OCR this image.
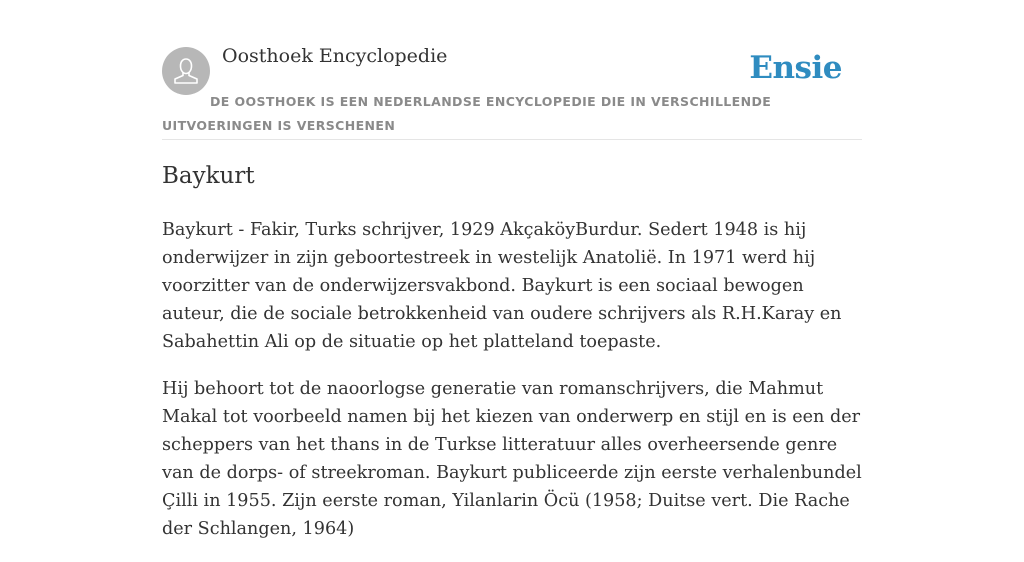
Oosthoek Encyclopedie	Ensie
DE OOSTHOEK IS EEN NEDERLANDSE ENCYCLOPEDIE DIE IN VERSCHILLENDE UITVOERINGEN IS VERSCHENEN
Baykurt

Baykurt - Fakir, Turks schrijver, 1929 AkçaköyBurdur. Sedert 1948 is hij onderwijzer in zijn geboortestreek in westelijk Anatolië. In 1971 werd hij voorzitter van de onderwijzersvakbond. Baykurt is een sociaal bewogen auteur, die de sociale betrokkenheid van oudere schrijvers als R.H.Karay en Sabahettin Ali op de situatie op het platteland toepaste.

Hij behoort tot de naoorlogse generatie van romanschrijvers, die Mahmut Makal tot voorbeeld namen bij het kiezen van onderwerp en stijl en is een der scheppers van het thans in de Turkse litteratuur alles overheersende genre van de dorps- of streekroman. Baykurt publiceerde zijn eerste verhalenbundel Çilli in 1955. Zijn eerste roman, Yilanlarin Öcü (1958; Duitse vert. Die Rache der Schlangen, 1964)
